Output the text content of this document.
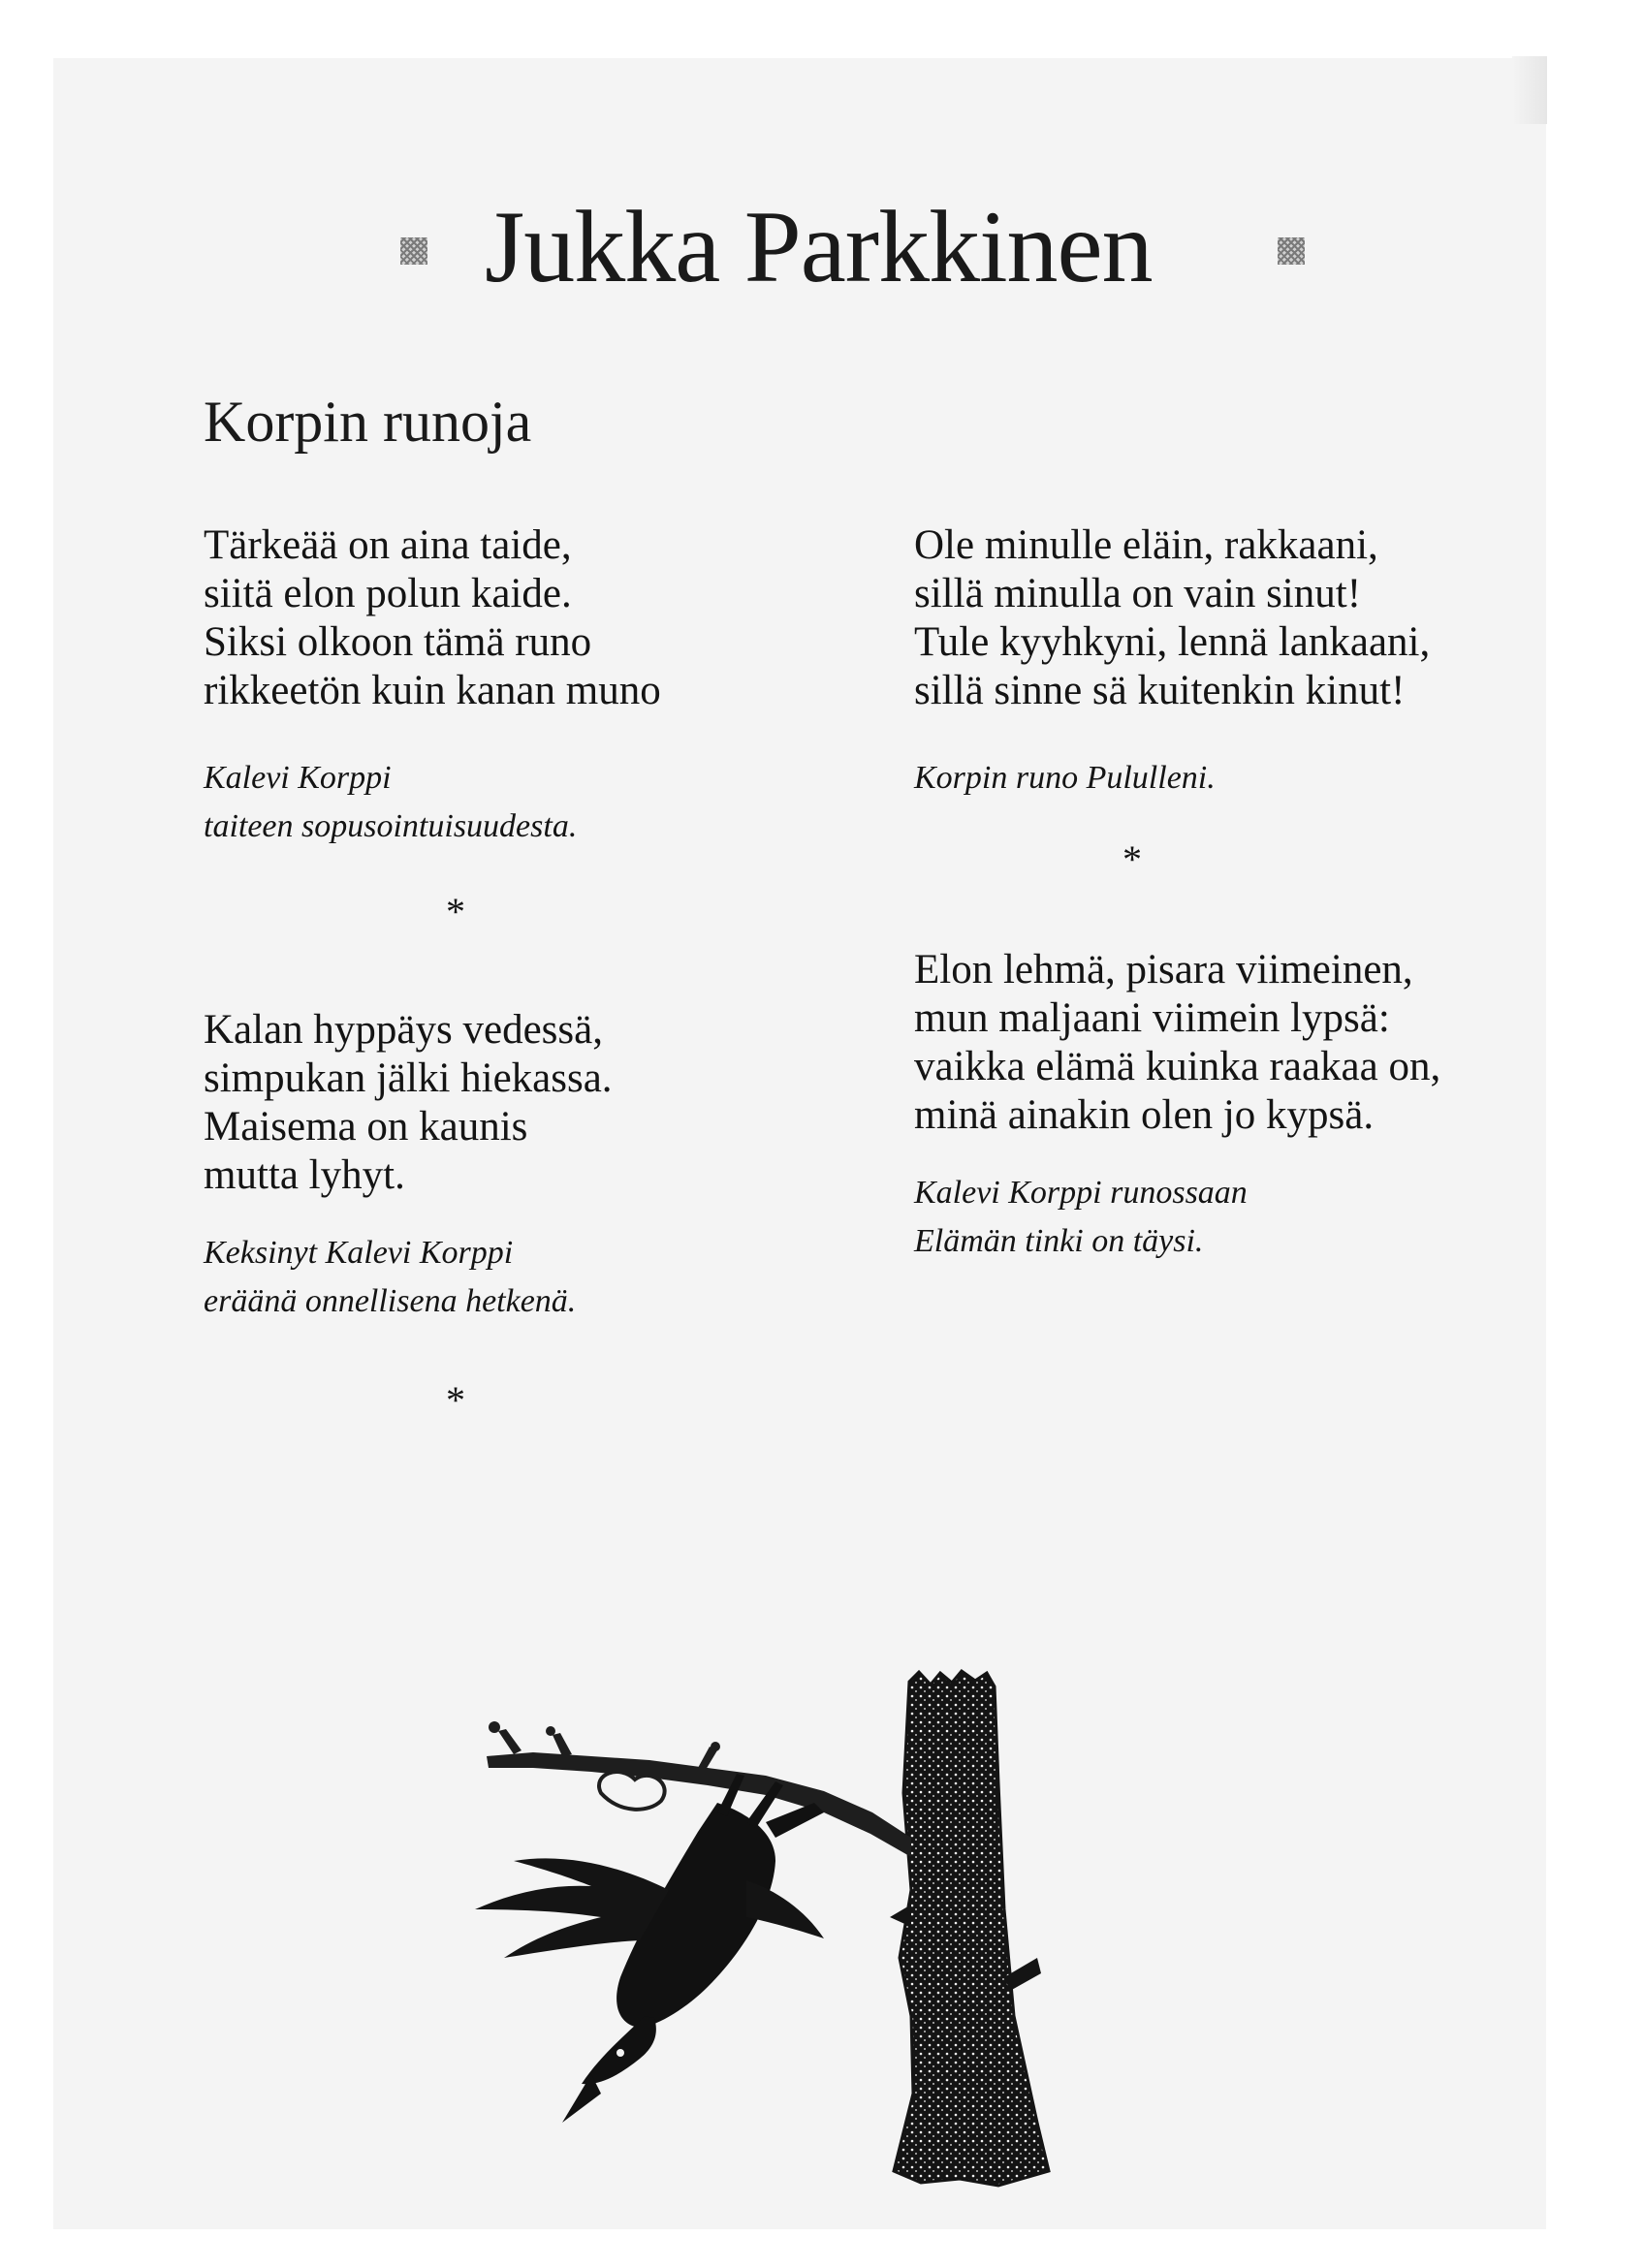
Jukka Parkkinen
Korpin runoja
Tärkeää on aina taide,
siitä elon polun kaide.
Siksi olkoon tämä runo
rikkeetön kuin kanan muno
Kalevi Korppi
taiteen sopusointuisuudesta.
*
Kalan hyppäys vedessä,
simpukan jälki hiekassa.
Maisema on kaunis
mutta lyhyt.
Keksinyt Kalevi Korppi
eräänä onnellisena hetkenä.
*
Ole minulle eläin, rakkaani,
sillä minulla on vain sinut!
Tule kyyhkyni, lennä lankaani,
sillä sinne sä kuitenkin kinut!
Korpin runo Pululleni.
*
Elon lehmä, pisara viimeinen,
mun maljaani viimein lypsä:
vaikka elämä kuinka raakaa on,
minä ainakin olen jo kypsä.
Kalevi Korppi runossaan
Elämän tinki on täysi.
